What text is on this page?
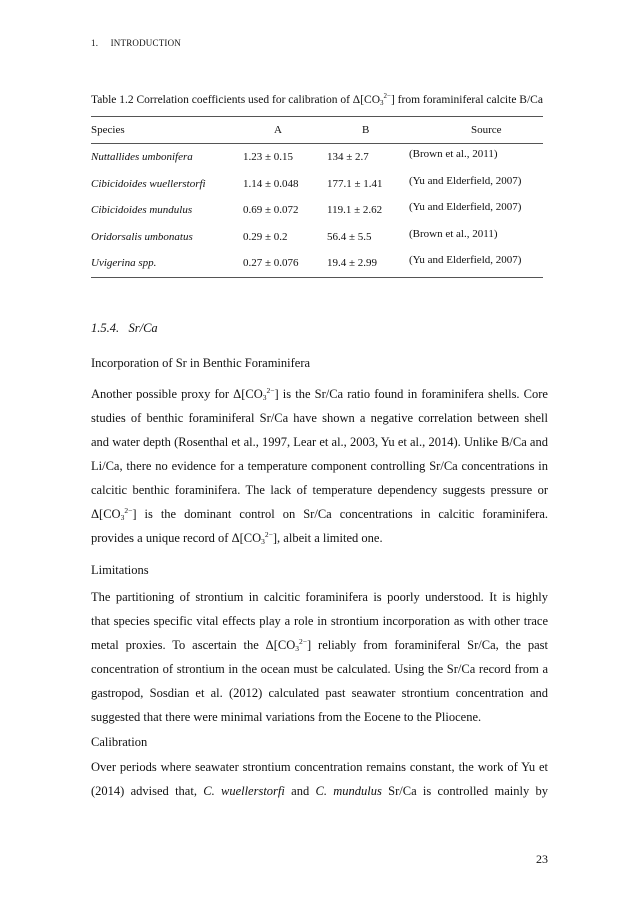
1. INTRODUCTION
Table 1.2 Correlation coefficients used for calibration of $\Delta[CO_3^{2-}]$ from foraminiferal calcite B/Ca
Species	A	B	Source
Nuttallides umbonifera	1.23 ± 0.15	134 ± 2.7	(Brown et al., 2011)
Cibicidoides wuellerstorfi	1.14 ± 0.048	177.1 ± 1.41 (Yu and Elderfield, 2007)
Cibicidoides mundulus	0.69 ± 0.072	119.1 ± 2.62 (Yu and Elderfield, 2007)
Oridorsalis umbonatus	0.29 ± 0.2	56.4 ± 5.5	(Brown et al., 2011)
Uvigerina spp.	0.27 ± 0.076	19.4 ± 2.99	(Yu and Elderfield, 2007)
1.5.4. Sr/Ca
Incorporation of Sr in Benthic Foraminifera
Another possible proxy for $\Delta[CO_3^{2-}]$ is the Sr/Ca ratio found in foraminifera shells. Core
studies of benthic foraminiferal Sr/Ca have shown a negative correlation between shell
and water depth (Rosenthal et al., 1997, Lear et al., 2003, Yu et al., 2014). Unlike B/Ca and
Li/Ca, there no evidence for a temperature component controlling Sr/Ca concentrations in
calcitic benthic foraminifera. The lack of temperature dependency suggests pressure or
$\Delta[CO_3^{2-}]$ is the dominant control on Sr/Ca concentrations in calcitic foraminifera.
provides a unique record of $\Delta[CO_3^{2-}]$, albeit a limited one.
Limitations
The partitioning of strontium in calcitic foraminifera is poorly understood. It is highly
that species specific vital effects play a role in strontium incorporation as with other trace
metal proxies. To ascertain the $\Delta[CO_3^{2-}]$ reliably from foraminiferal Sr/Ca, the past
concentration of strontium in the ocean must be calculated. Using the Sr/Ca record from a
gastropod, Sosdian et al. (2012) calculated past seawater strontium concentration and
suggested that there were minimal variations from the Eocene to the Pliocene.
Calibration
Over periods where seawater strontium concentration remains constant, the work of Yu et
(2014) advised that, C. wuellerstorfi and C. mundulus Sr/Ca is controlled mainly by
23
